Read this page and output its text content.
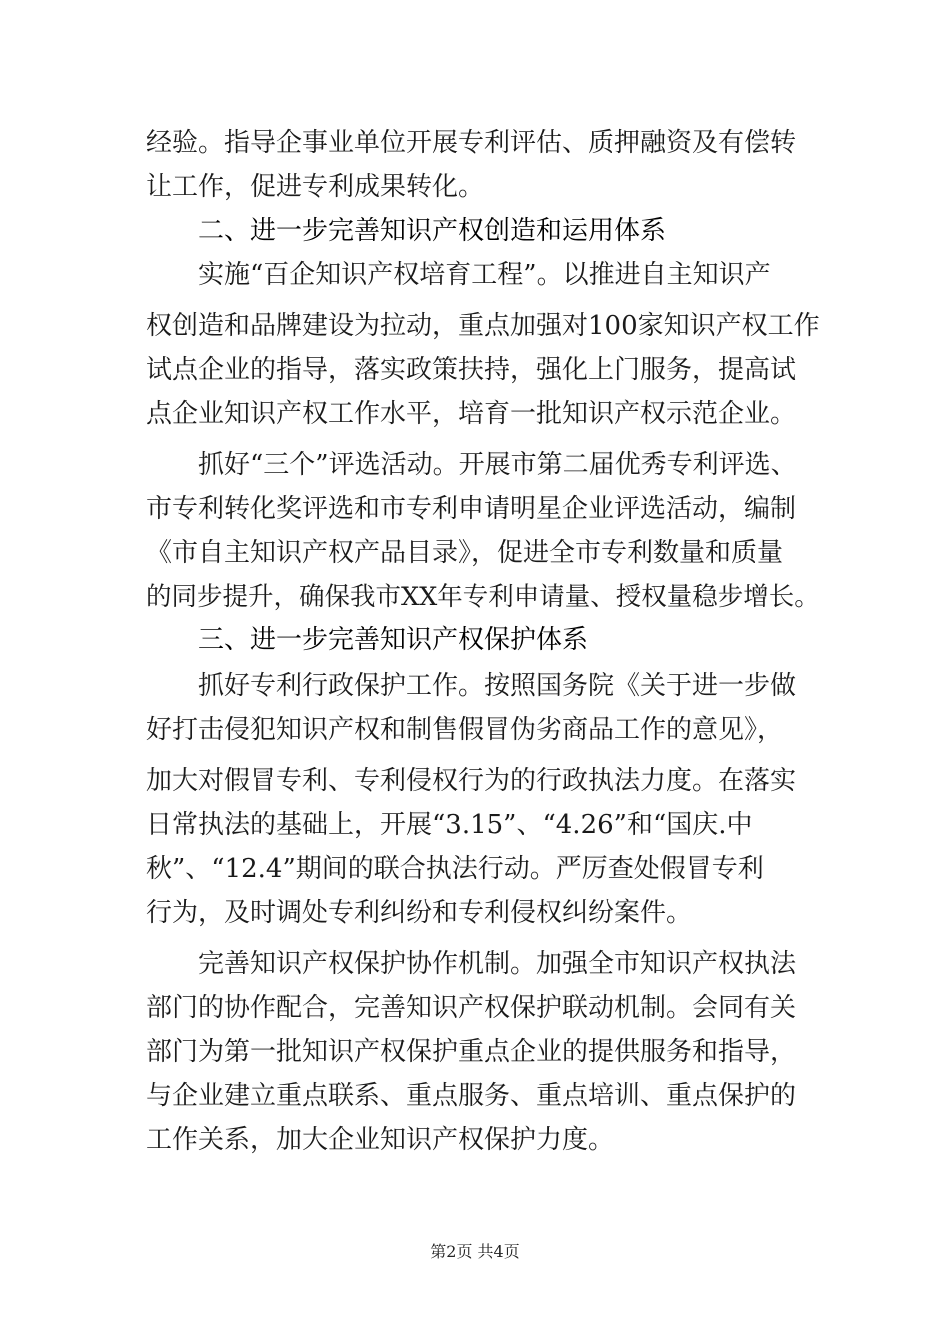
经验。指导企事业单位开展专利评估、质押融资及有偿转
让工作，促进专利成果转化。
二、进一步完善知识产权创造和运用体系
实施“百企知识产权培育工程”。以推进自主知识产
权创造和品牌建设为拉动，重点加强对100家知识产权工作
试点企业的指导，落实政策扶持，强化上门服务，提高试
点企业知识产权工作水平，培育一批知识产权示范企业。
抓好“三个”评选活动。开展市第二届优秀专利评选、
市专利转化奖评选和市专利申请明星企业评选活动，编制
《市自主知识产权产品目录》，促进全市专利数量和质量
的同步提升，确保我市XX年专利申请量、授权量稳步增长。
三、进一步完善知识产权保护体系
抓好专利行政保护工作。按照国务院《关于进一步做
好打击侵犯知识产权和制售假冒伪劣商品工作的意见》，
加大对假冒专利、专利侵权行为的行政执法力度。在落实
日常执法的基础上，开展“3.15”、“4.26”和“国庆.中
秋”、“12.4”期间的联合执法行动。严厉查处假冒专利
行为，及时调处专利纠纷和专利侵权纠纷案件。
完善知识产权保护协作机制。加强全市知识产权执法
部门的协作配合，完善知识产权保护联动机制。会同有关
部门为第一批知识产权保护重点企业的提供服务和指导，
与企业建立重点联系、重点服务、重点培训、重点保护的
工作关系，加大企业知识产权保护力度。
第2页 共4页
